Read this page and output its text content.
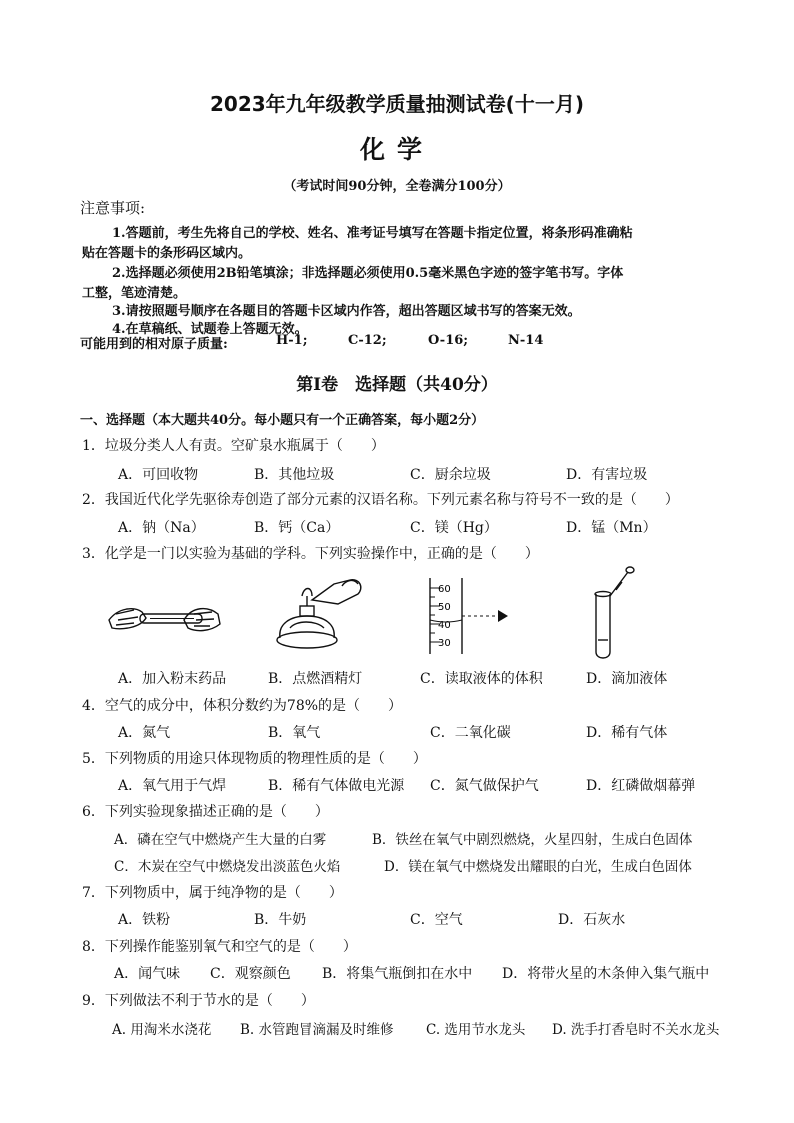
2023年九年级教学质量抽测试卷(十一月)
化学
（考试时间90分钟，全卷满分100分）
注意事项:
1.答题前，考生先将自己的学校、姓名、准考证号填写在答题卡指定位置，将条形码准确粘
贴在答题卡的条形码区域内。
2.选择题必须使用2B铅笔填涂；非选择题必须使用0.5毫米黑色字迹的签字笔书写。字体
工整，笔迹清楚。
3.请按照题号顺序在各题目的答题卡区域内作答，超出答题区域书写的答案无效。
4.在草稿纸、试题卷上答题无效。
可能用到的相对原子质量:	H-1;	C-12;	O-16;	N-14
第Ⅰ卷　选择题（共40分）
一、选择题（本大题共40分。每小题只有一个正确答案，每小题2分）
1．垃圾分类人人有责。空矿泉水瓶属于（　　）
A．可回收物	B．其他垃圾	C．厨余垃圾	D．有害垃圾
2．我国近代化学先驱徐寿创造了部分元素的汉语名称。下列元素名称与符号不一致的是（　　）
A．钠（Na）	B．钙（Ca）	C．镁（Hg）	D．锰（Mn）
3．化学是一门以实验为基础的学科。下列实验操作中，正确的是（　　）
60
50
40
30
A．加入粉末药品	B．点燃酒精灯	C．读取液体的体积	D．滴加液体
4．空气的成分中，体积分数约为78%的是（　　）
A．氮气	B．氧气	C．二氧化碳	D．稀有气体
5．下列物质的用途只体现物质的物理性质的是（　　）
A．氧气用于气焊	B．稀有气体做电光源 C．氮气做保护气	D．红磷做烟幕弹
6．下列实验现象描述正确的是（　　）
A．磷在空气中燃烧产生大量的白雾	B．铁丝在氧气中剧烈燃烧，火星四射，生成白色固体
C．木炭在空气中燃烧发出淡蓝色火焰	D．镁在氧气中燃烧发出耀眼的白光，生成白色固体
7．下列物质中，属于纯净物的是（　　）
A．铁粉	B．牛奶	C．空气	D．石灰水
8．下列操作能鉴别氧气和空气的是（　　）
A．闻气味 C．观察颜色 B．将集气瓶倒扣在水中 D．将带火星的木条伸入集气瓶中
9．下列做法不利于节水的是（　　）
A. 用淘米水浇花 B. 水管跑冒滴漏及时维修 C. 选用节水龙头 D. 洗手打香皂时不关水龙头
